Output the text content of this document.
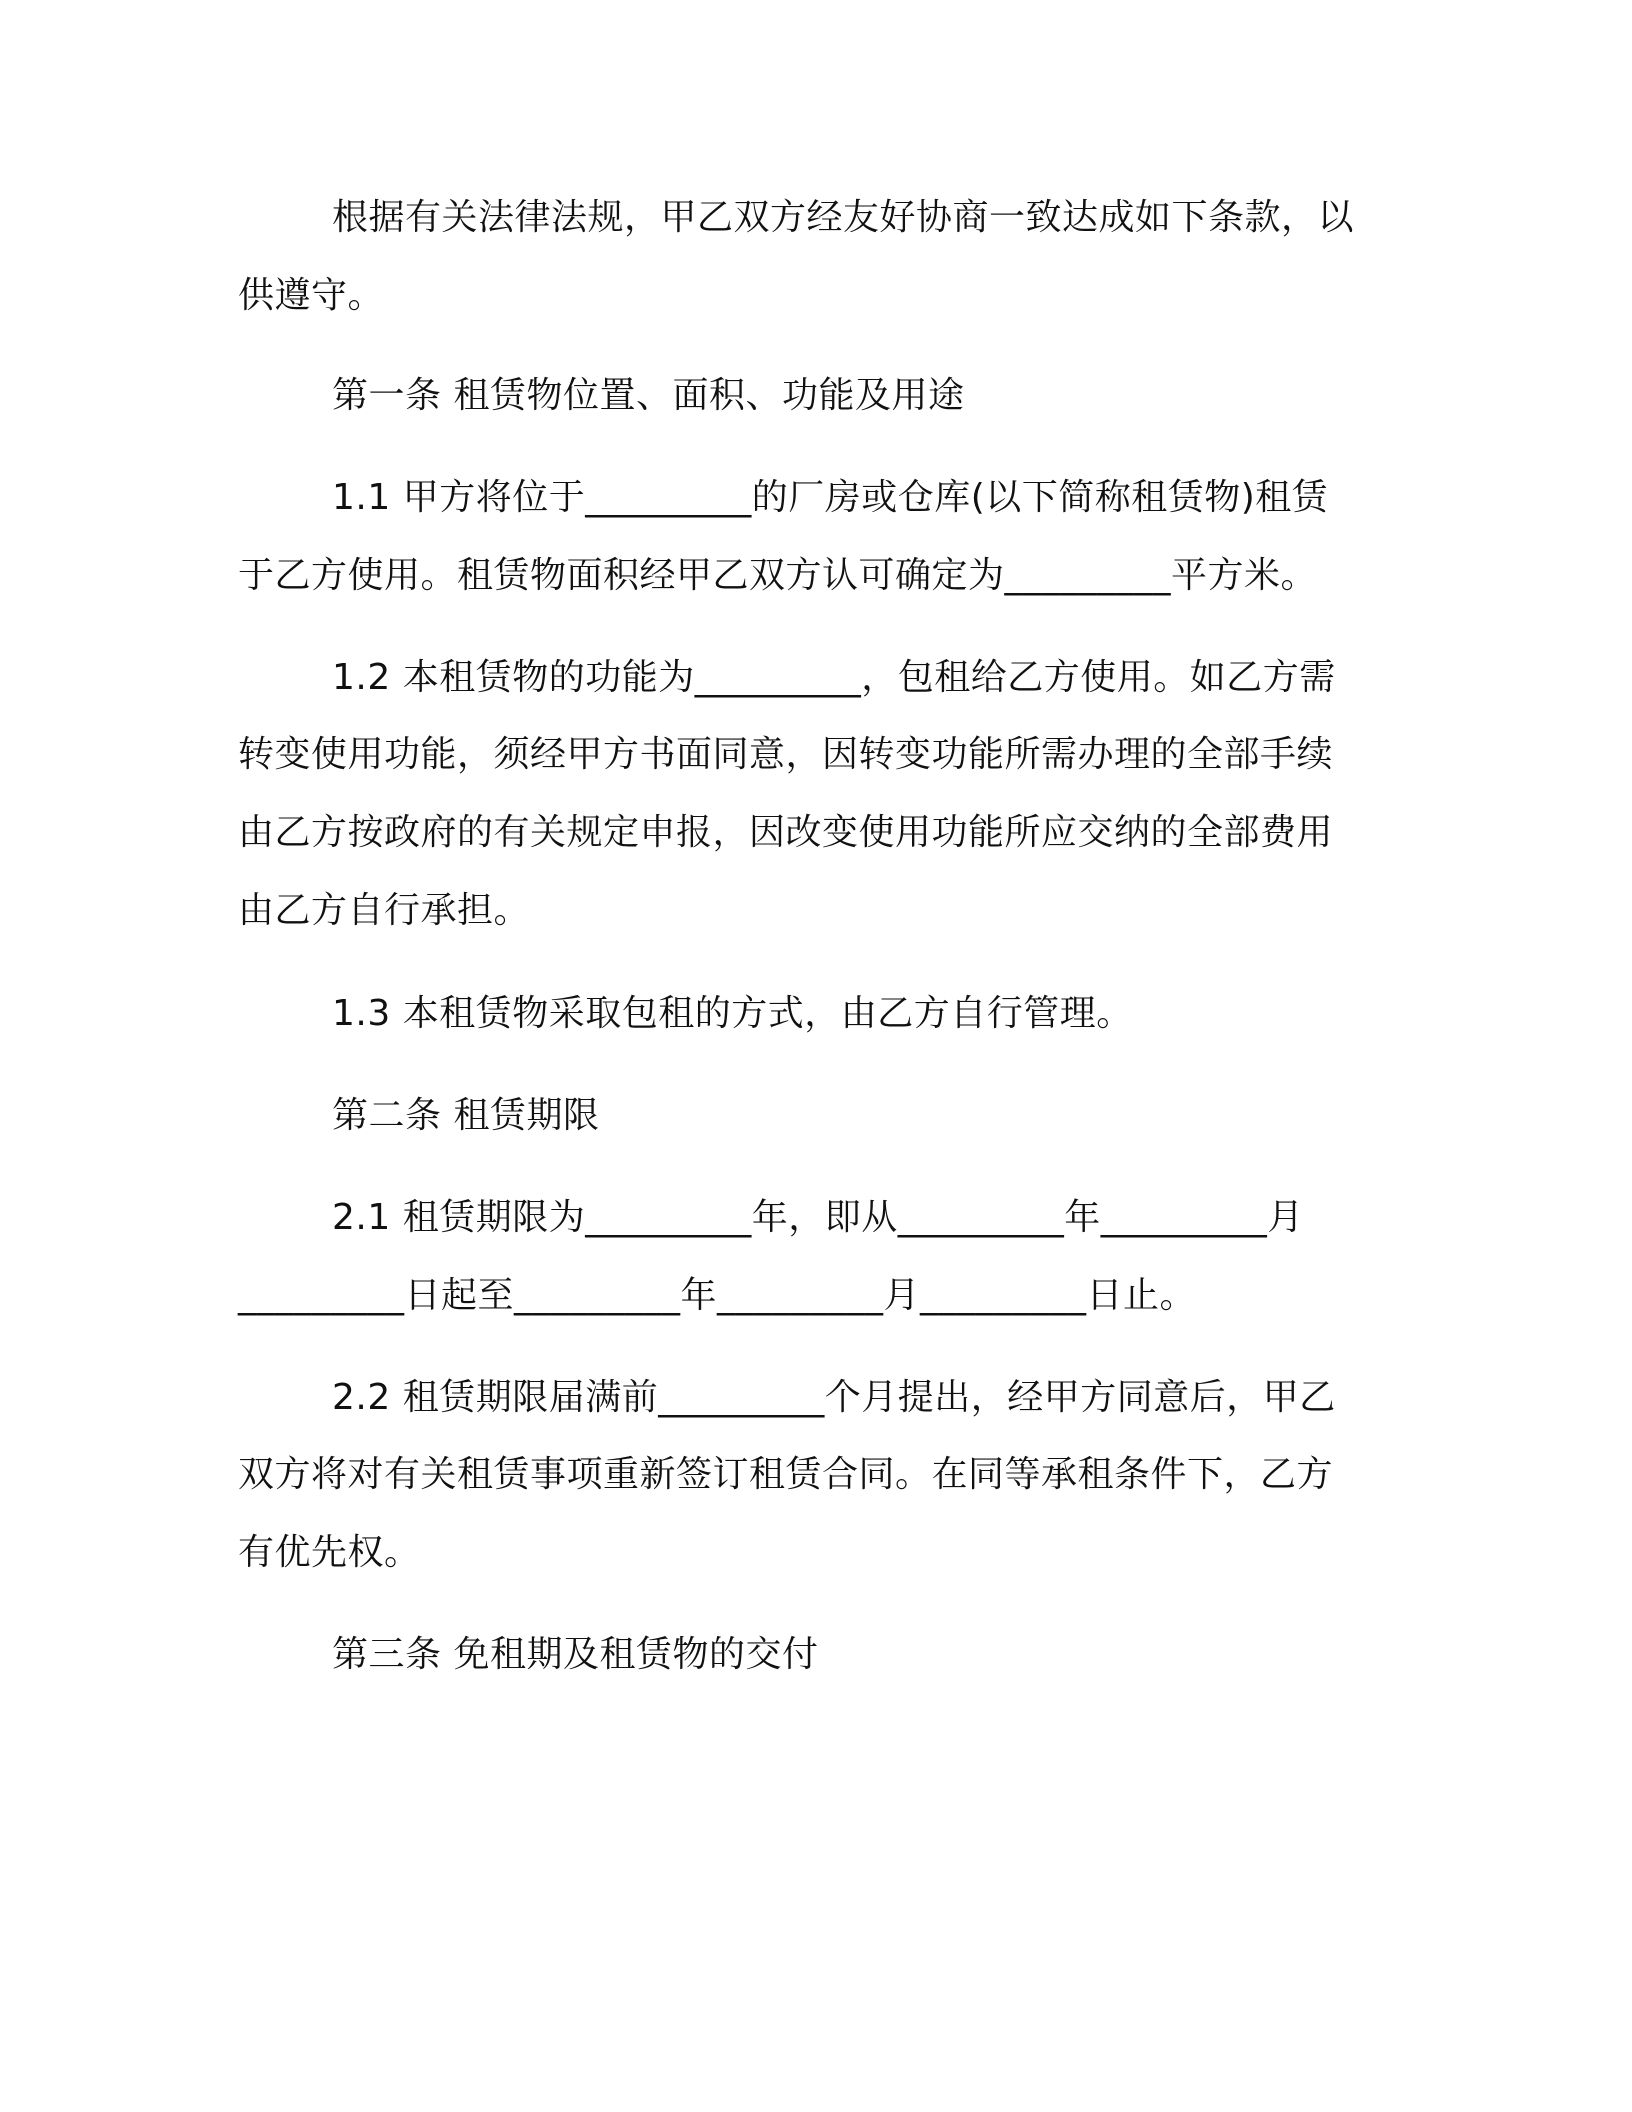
根据有关法律法规，甲乙双方经友好协商一致达成如下条款，以
供遵守。
第一条 租赁物位置、面积、功能及用途
1.1 甲方将位于_________的厂房或仓库(以下简称租赁物)租赁
于乙方使用。租赁物面积经甲乙双方认可确定为_________平方米。
1.2 本租赁物的功能为_________，包租给乙方使用。如乙方需
转变使用功能，须经甲方书面同意，因转变功能所需办理的全部手续
由乙方按政府的有关规定申报，因改变使用功能所应交纳的全部费用
由乙方自行承担。
1.3 本租赁物采取包租的方式，由乙方自行管理。
第二条 租赁期限
2.1 租赁期限为_________年，即从_________年_________月
_________日起至_________年_________月_________日止。
2.2 租赁期限届满前_________个月提出，经甲方同意后，甲乙
双方将对有关租赁事项重新签订租赁合同。在同等承租条件下，乙方
有优先权。
第三条 免租期及租赁物的交付
